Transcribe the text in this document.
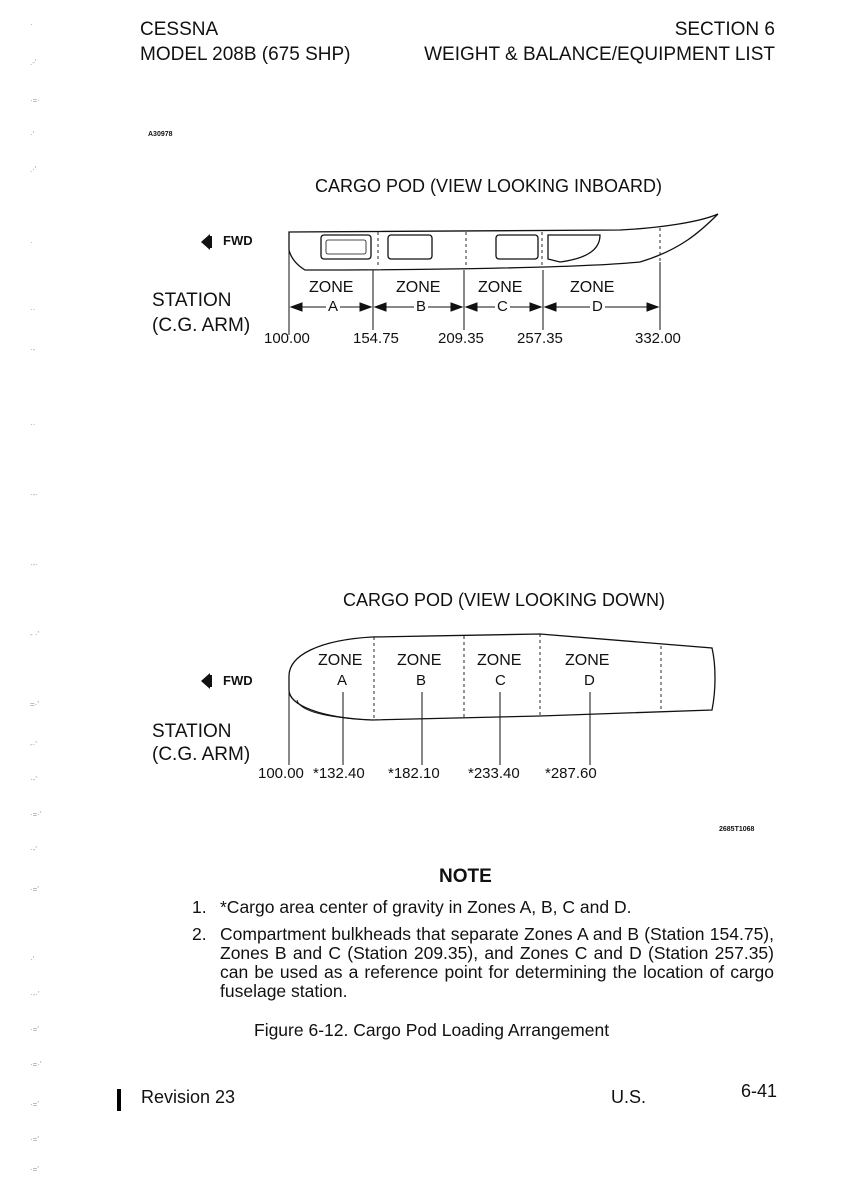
·
.-'
·=·
·'
.·'
·
··
·-
··
·-·
·-·
- ·'
=·'
-·'
·-'
·=·'
·-'
·='
·'
·-·'
·='
·=·'
·='
·='
·='
CESSNA
MODEL 208B (675 SHP)
SECTION 6
WEIGHT & BALANCE/EQUIPMENT LIST
A30978
CARGO POD (VIEW LOOKING INBOARD)
FWD
STATION
(C.G. ARM)
ZONE	ZONE ZONE	ZONE
A	B	C	D
100.00	154.75	209.35 257.35	332.00
CARGO POD (VIEW LOOKING DOWN)
FWD
STATION
(C.G. ARM)
ZONE ZONE ZONE	ZONE
A	B	C	D
100.00 *132.40 *182.10 *233.40 *287.60
2685T1068
NOTE
1. *Cargo area center of gravity in Zones A, B, C and D.
2. Compartment bulkheads that separate Zones A and B (Station 154.75), Zones B and C (Station 209.35), and Zones C and D (Station 257.35) can be used as a reference point for determining the location of cargo fuselage station.
Figure 6-12. Cargo Pod Loading Arrangement
Revision 23	U.S.	6-41
